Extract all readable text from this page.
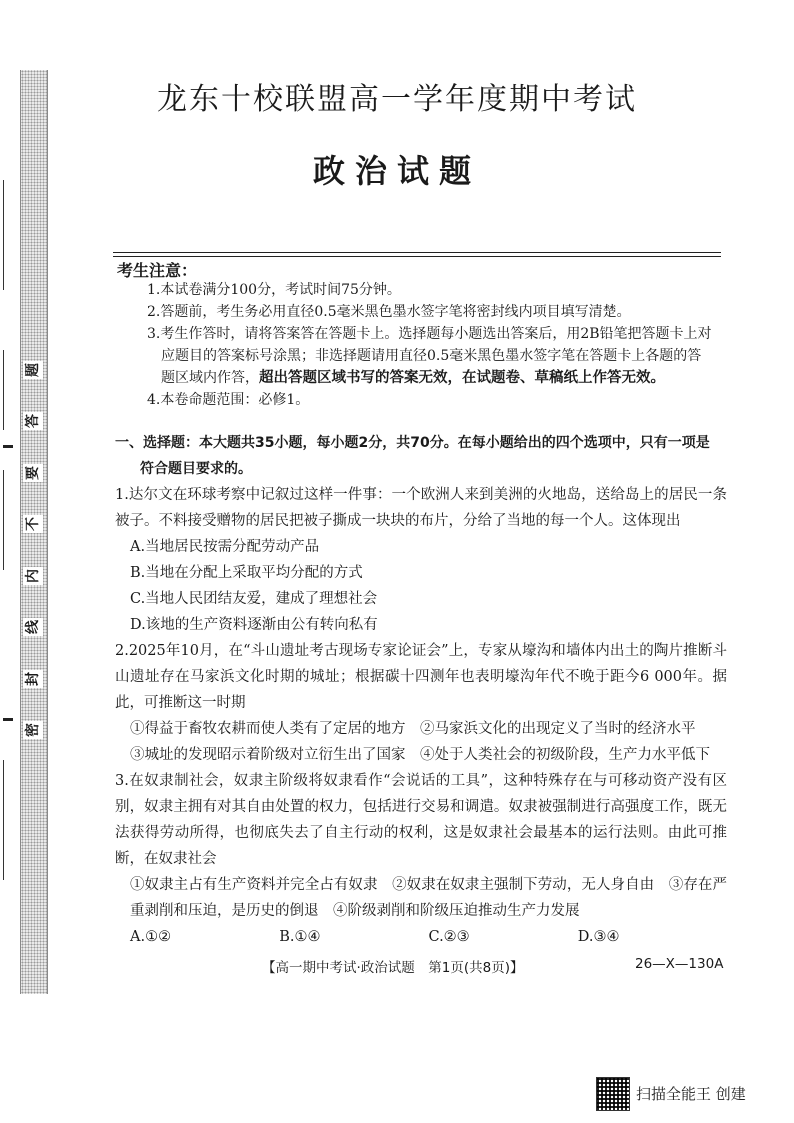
密
封
线
内
不
要
答
题
龙东十校联盟高一学年度期中考试
政治试题
考生注意：

1.本试卷满分100分，考试时间75分钟。

2.答题前，考生务必用直径0.5毫米黑色墨水签字笔将密封线内项目填写清楚。

3.考生作答时，请将答案答在答题卡上。选择题每小题选出答案后，用2B铅笔把答题卡上对

应题目的答案标号涂黑；非选择题请用直径0.5毫米黑色墨水签字笔在答题卡上各题的答

题区域内作答，超出答题区域书写的答案无效，在试题卷、草稿纸上作答无效。

4.本卷命题范围：必修1。

一、选择题：本大题共35小题，每小题2分，共70分。在每小题给出的四个选项中，只有一项是
符合题目要求的。

1.达尔文在环球考察中记叙过这样一件事：一个欧洲人来到美洲的火地岛，送给岛上的居民一条被子。不料接受赠物的居民把被子撕成一块块的布片，分给了当地的每一个人。这体现出

A.当地居民按需分配劳动产品

B.当地在分配上采取平均分配的方式

C.当地人民团结友爱，建成了理想社会

D.该地的生产资料逐渐由公有转向私有

2.2025年10月，在“斗山遗址考古现场专家论证会”上，专家从壕沟和墙体内出土的陶片推断斗山遗址存在马家浜文化时期的城址；根据碳十四测年也表明壕沟年代不晚于距今6 000年。据此，可推断这一时期

①得益于畜牧农耕而使人类有了定居的地方　②马家浜文化的出现定义了当时的经济水平

③城址的发现昭示着阶级对立衍生出了国家　④处于人类社会的初级阶段，生产力水平低下

3.在奴隶制社会，奴隶主阶级将奴隶看作“会说话的工具”，这种特殊存在与可移动资产没有区别，奴隶主拥有对其自由处置的权力，包括进行交易和调遣。奴隶被强制进行高强度工作，既无法获得劳动所得，也彻底失去了自主行动的权利，这是奴隶社会最基本的运行法则。由此可推断，在奴隶社会

①奴隶主占有生产资料并完全占有奴隶　②奴隶在奴隶主强制下劳动，无人身自由　③存在严重剥削和压迫，是历史的倒退　④阶级剥削和阶级压迫推动生产力发展

A.①②	B.①④	C.②③	D.③④
【高一期中考试·政治试题　第1页(共8页)】	26—X—130A
扫描全能王 创建
